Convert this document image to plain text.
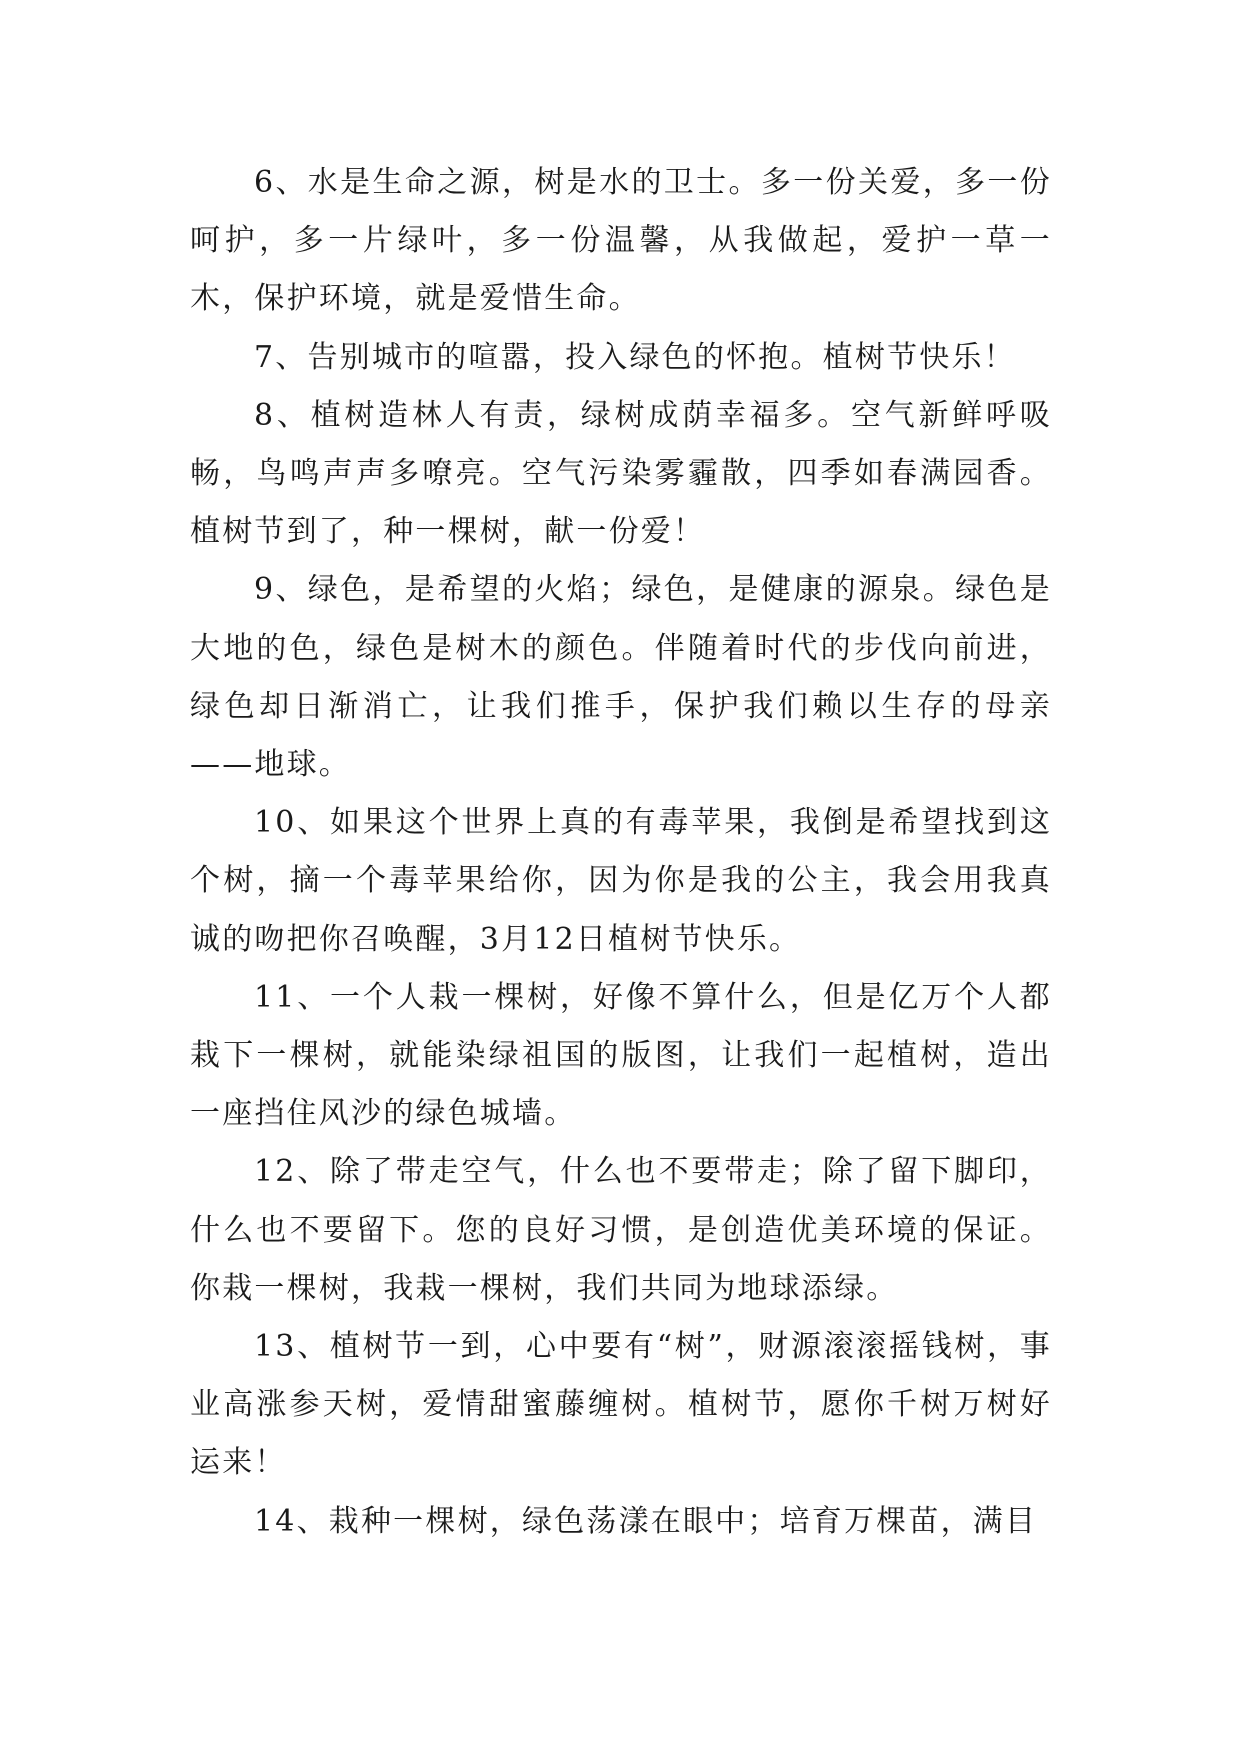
6、水是生命之源，树是水的卫士。多一份关爱，多一份呵护，多一片绿叶，多一份温馨，从我做起，爱护一草一木，保护环境，就是爱惜生命。

7、告别城市的喧嚣，投入绿色的怀抱。植树节快乐！

8、植树造林人有责，绿树成荫幸福多。空气新鲜呼吸畅，鸟鸣声声多嘹亮。空气污染雾霾散，四季如春满园香。植树节到了，种一棵树，献一份爱！

9、绿色，是希望的火焰；绿色，是健康的源泉。绿色是大地的色，绿色是树木的颜色。伴随着时代的步伐向前进，绿色却日渐消亡，让我们推手，保护我们赖以生存的母亲——地球。

10、如果这个世界上真的有毒苹果，我倒是希望找到这个树，摘一个毒苹果给你，因为你是我的公主，我会用我真诚的吻把你召唤醒，3月12日植树节快乐。

11、一个人栽一棵树，好像不算什么，但是亿万个人都栽下一棵树，就能染绿祖国的版图，让我们一起植树，造出一座挡住风沙的绿色城墙。

12、除了带走空气，什么也不要带走；除了留下脚印，什么也不要留下。您的良好习惯，是创造优美环境的保证。你栽一棵树，我栽一棵树，我们共同为地球添绿。

13、植树节一到，心中要有“树”，财源滚滚摇钱树，事业高涨参天树，爱情甜蜜藤缠树。植树节，愿你千树万树好运来！

14、栽种一棵树，绿色荡漾在眼中；培育万棵苗，满目
